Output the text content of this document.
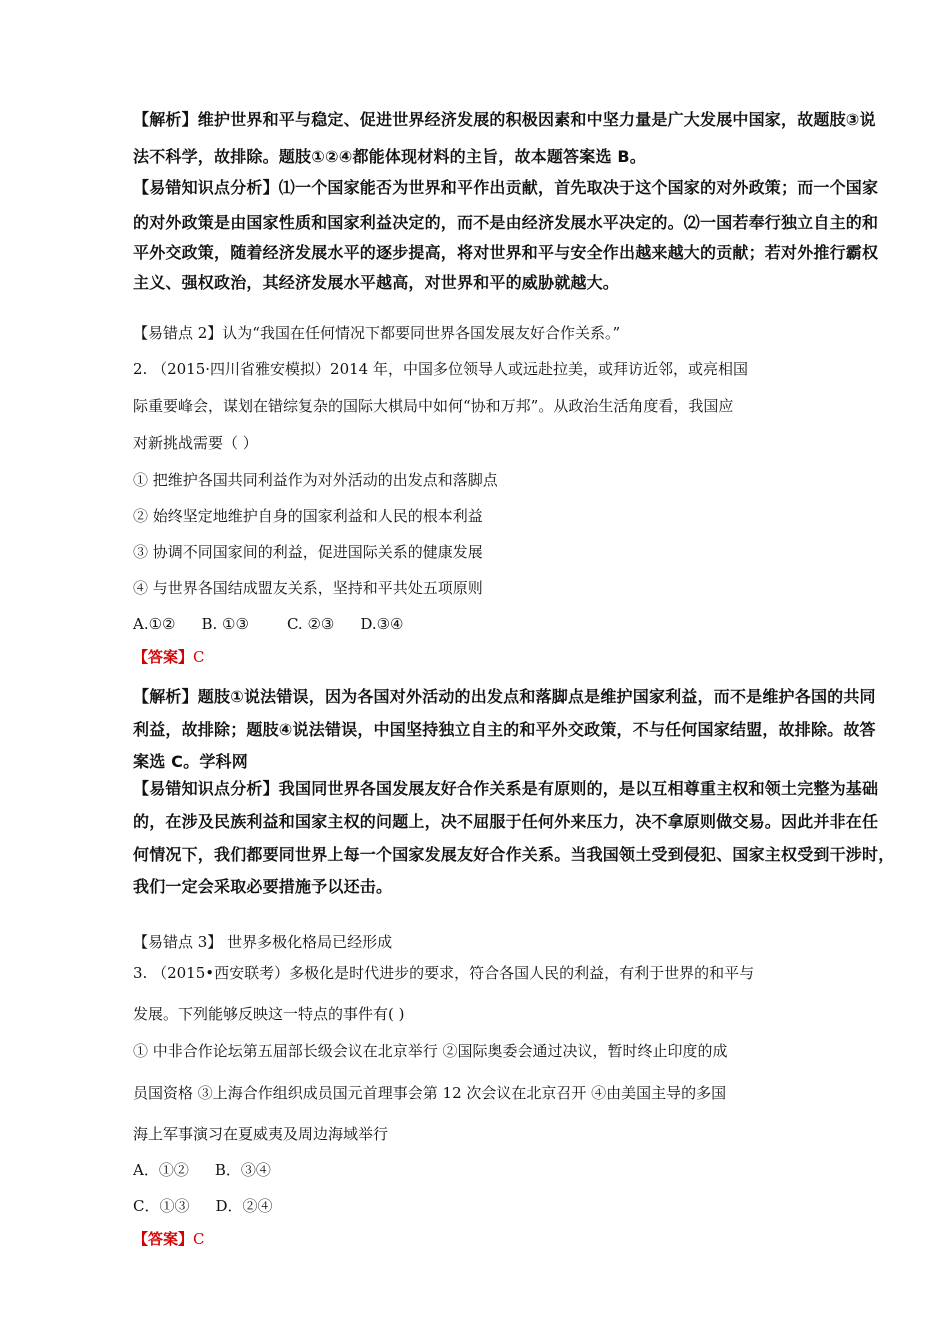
【解析】维护世界和平与稳定、促进世界经济发展的积极因素和中坚力量是广大发展中国家，故题肢③说
法不科学，故排除。题肢①②④都能体现材料的主旨，故本题答案选 B。
【易错知识点分析】⑴一个国家能否为世界和平作出贡献，首先取决于这个国家的对外政策；而一个国家
的对外政策是由国家性质和国家利益决定的，而不是由经济发展水平决定的。⑵一国若奉行独立自主的和
平外交政策，随着经济发展水平的逐步提高，将对世界和平与安全作出越来越大的贡献；若对外推行霸权
主义、强权政治，其经济发展水平越高，对世界和平的威胁就越大。
【易错点 2】认为“我国在任何情况下都要同世界各国发展友好合作关系。”
2. （2015·四川省雅安模拟）2014 年，中国多位领导人或远赴拉美，或拜访近邻，或亮相国
际重要峰会，谋划在错综复杂的国际大棋局中如何“协和万邦”。从政治生活角度看，我国应
对新挑战需要（ ）
① 把维护各国共同利益作为对外活动的出发点和落脚点
② 始终坚定地维护自身的国家利益和人民的根本利益
③ 协调不同国家间的利益，促进国际关系的健康发展
④ 与世界各国结成盟友关系，坚持和平共处五项原则
A.①② B. ①③	C. ②③ D.③④
【答案】C
【解析】题肢①说法错误，因为各国对外活动的出发点和落脚点是维护国家利益，而不是维护各国的共同
利益，故排除；题肢④说法错误，中国坚持独立自主的和平外交政策，不与任何国家结盟，故排除。故答
案选 C。学科网
【易错知识点分析】我国同世界各国发展友好合作关系是有原则的，是以互相尊重主权和领土完整为基础
的，在涉及民族利益和国家主权的问题上，决不屈服于任何外来压力，决不拿原则做交易。因此并非在任
何情况下，我们都要同世界上每一个国家发展友好合作关系。当我国领土受到侵犯、国家主权受到干涉时，
我们一定会采取必要措施予以还击。
【易错点 3】 世界多极化格局已经形成
3. （2015•西安联考）多极化是时代进步的要求，符合各国人民的利益，有利于世界的和平与
发展。下列能够反映这一特点的事件有( )
① 中非合作论坛第五届部长级会议在北京举行 ②国际奥委会通过决议，暂时终止印度的成
员国资格 ③上海合作组织成员国元首理事会第 12 次会议在北京召开 ④由美国主导的多国
海上军事演习在夏威夷及周边海域举行
A．①② B．③④
C．①③ D．②④
【答案】C
